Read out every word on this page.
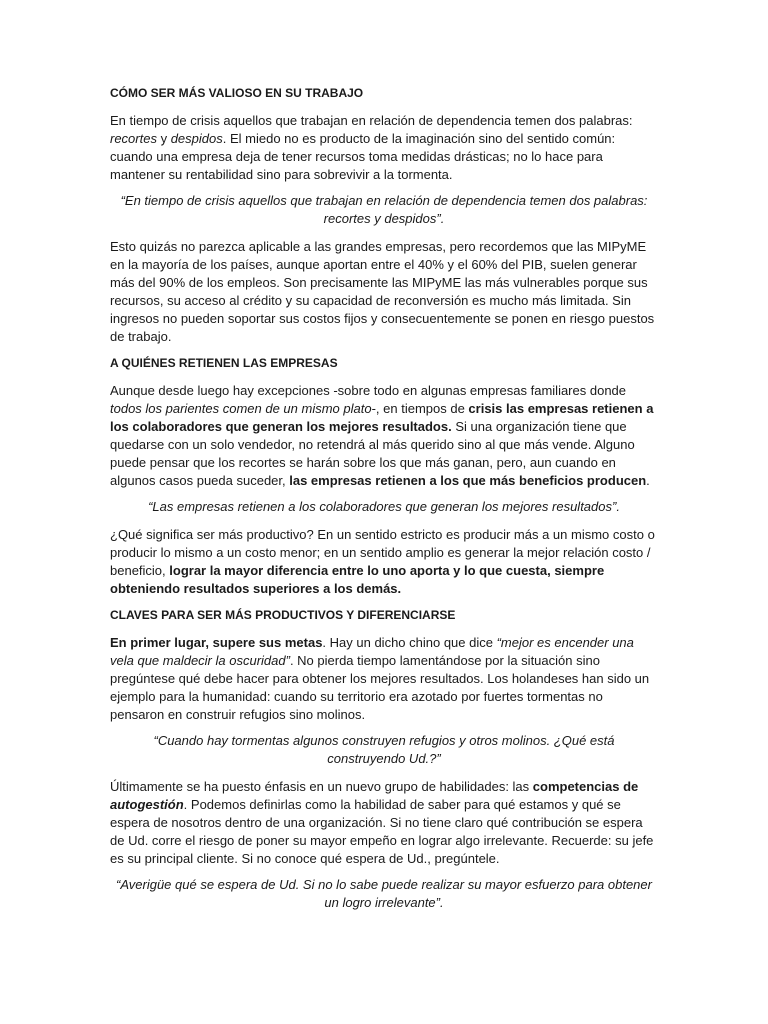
CÓMO SER MÁS VALIOSO EN SU TRABAJO

En tiempo de crisis aquellos que trabajan en relación de dependencia temen dos palabras: recortes y despidos. El miedo no es producto de la imaginación sino del sentido común: cuando una empresa deja de tener recursos toma medidas drásticas; no lo hace para mantener su rentabilidad sino para sobrevivir a la tormenta.

“En tiempo de crisis aquellos que trabajan en relación de dependencia temen dos palabras: recortes y despidos”.

Esto quizás no parezca aplicable a las grandes empresas, pero recordemos que las MIPyME en la mayoría de los países, aunque aportan entre el 40% y el 60% del PIB, suelen generar más del 90% de los empleos. Son precisamente las MIPyME las más vulnerables porque sus recursos, su acceso al crédito y su capacidad de reconversión es mucho más limitada. Sin ingresos no pueden soportar sus costos fijos y consecuentemente se ponen en riesgo puestos de trabajo.

A QUIÉNES RETIENEN LAS EMPRESAS

Aunque desde luego hay excepciones -sobre todo en algunas empresas familiares donde todos los parientes comen de un mismo plato-, en tiempos de crisis las empresas retienen a los colaboradores que generan los mejores resultados. Si una organización tiene que quedarse con un solo vendedor, no retendrá al más querido sino al que más vende. Alguno puede pensar que los recortes se harán sobre los que más ganan, pero, aun cuando en algunos casos pueda suceder, las empresas retienen a los que más beneficios producen.

“Las empresas retienen a los colaboradores que generan los mejores resultados”.

¿Qué significa ser más productivo? En un sentido estricto es producir más a un mismo costo o producir lo mismo a un costo menor; en un sentido amplio es generar la mejor relación costo / beneficio, lograr la mayor diferencia entre lo uno aporta y lo que cuesta, siempre obteniendo resultados superiores a los demás.

CLAVES PARA SER MÁS PRODUCTIVOS Y DIFERENCIARSE

En primer lugar, supere sus metas. Hay un dicho chino que dice “mejor es encender una vela que maldecir la oscuridad”. No pierda tiempo lamentándose por la situación sino pregúntese qué debe hacer para obtener los mejores resultados. Los holandeses han sido un ejemplo para la humanidad: cuando su territorio era azotado por fuertes tormentas no pensaron en construir refugios sino molinos.

“Cuando hay tormentas algunos construyen refugios y otros molinos. ¿Qué está construyendo Ud.?”

Últimamente se ha puesto énfasis en un nuevo grupo de habilidades: las competencias de autogestión. Podemos definirlas como la habilidad de saber para qué estamos y qué se espera de nosotros dentro de una organización. Si no tiene claro qué contribución se espera de Ud. corre el riesgo de poner su mayor empeño en lograr algo irrelevante. Recuerde: su jefe es su principal cliente. Si no conoce qué espera de Ud., pregúntele.

“Averigüe qué se espera de Ud. Si no lo sabe puede realizar su mayor esfuerzo para obtener un logro irrelevante”.
